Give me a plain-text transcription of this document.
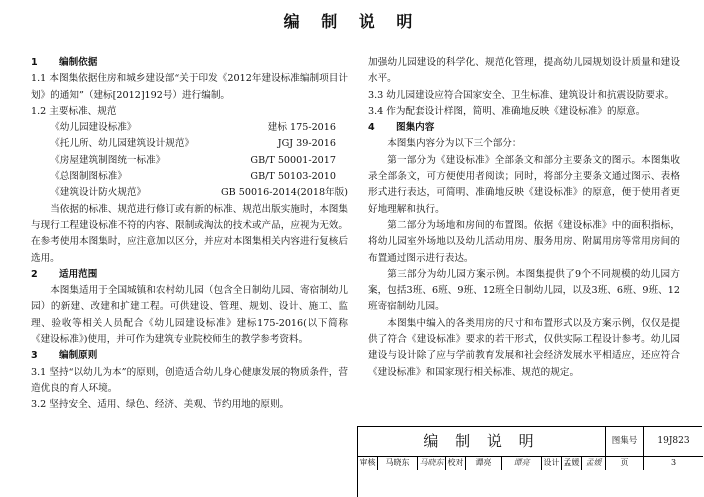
编 制 说 明
1 编制依据

1.1 本图集依据住房和城乡建设部“关于印发《2012年建设标准编制项目计划》的通知”（建标[2012]192号）进行编制。

1.2 主要标准、规范

《幼儿园建设标准》	建标 175-2016
《托儿所、幼儿园建筑设计规范》	JGJ 39-2016
《房屋建筑制图统一标准》	GB/T 50001-2017
《总图制图标准》	GB/T 50103-2010
《建筑设计防火规范》	GB 50016-2014(2018年版)

当依据的标准、规范进行修订或有新的标准、规范出版实施时，本图集与现行工程建设标准不符的内容、限制或淘汰的技术或产品，应视为无效。在参考使用本图集时，应注意加以区分，并应对本图集相关内容进行复核后选用。

2 适用范围

本图集适用于全国城镇和农村幼儿园（包含全日制幼儿园、寄宿制幼儿园）的新建、改建和扩建工程。可供建设、管理、规划、设计、施工、监理、验收等相关人员配合《幼儿园建设标准》建标175-2016(以下简称《建设标准》)使用，并可作为建筑专业院校师生的教学参考资料。

3 编制原则

3.1 坚持“以幼儿为本”的原则，创造适合幼儿身心健康发展的物质条件，营造优良的育人环境。

3.2 坚持安全、适用、绿色、经济、美观、节约用地的原则。

加强幼儿园建设的科学化、规范化管理，提高幼儿园规划设计质量和建设水平。

3.3 幼儿园建设应符合国家安全、卫生标准、建筑设计和抗震设防要求。

3.4 作为配套设计样图，简明、准确地反映《建设标准》的原意。

4 图集内容

本图集内容分为以下三个部分：

第一部分为《建设标准》全部条文和部分主要条文的图示。本图集收录全部条文，可方便使用者阅读；同时，将部分主要条文通过图示、表格形式进行表达，可简明、准确地反映《建设标准》的原意，便于使用者更好地理解和执行。

第二部分为场地和房间的布置图。依据《建设标准》中的面积指标，将幼儿园室外场地以及幼儿活动用房、服务用房、附属用房等常用房间的布置通过图示进行表达。

第三部分为幼儿园方案示例。本图集提供了9个不同规模的幼儿园方案，包括3班、6班、9班、12班全日制幼儿园，以及3班、6班、9班、12班寄宿制幼儿园。

本图集中编入的各类用房的尺寸和布置形式以及方案示例，仅仅是提供了符合《建设标准》要求的若干形式，仅供实际工程设计参考。幼儿园建设与设计除了应与学前教育发展和社会经济发展水平相适应，还应符合《建设标准》和国家现行相关标准、规范的规定。

编 制 说 明	图集号	19J823
审核	马晓东	马晓东 校对	谭亮	谭亮	设计 孟媛 孟媛	页	3
